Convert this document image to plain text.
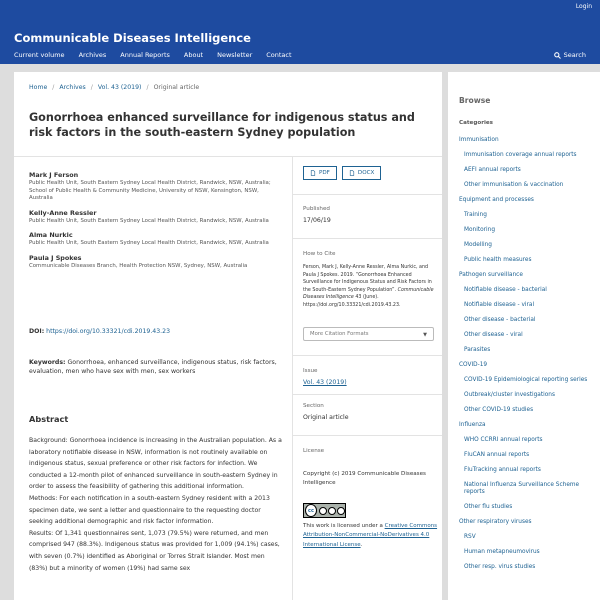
Login
Communicable Diseases Intelligence
Current volume Archives Annual Reports About Newsletter Contact	Search
Home / Archives / Vol. 43 (2019) / Original article
Gonorrhoea enhanced surveillance for indigenous status and risk factors in the south-eastern Sydney population
Mark J Ferson
Public Health Unit, South Eastern Sydney Local Health District, Randwick, NSW, Australia; School of Public Health & Community Medicine, University of NSW, Kensington, NSW, Australia
Kelly-Anne Ressler
Public Health Unit, South Eastern Sydney Local Health District, Randwick, NSW, Australia
Alma Nurkic
Public Health Unit, South Eastern Sydney Local Health District, Randwick, NSW, Australia
Paula J Spokes
Communicable Diseases Branch, Health Protection NSW, Sydney, NSW, Australia
DOI: https://doi.org/10.33321/cdi.2019.43.23
Keywords: Gonorrhoea, enhanced surveillance, indigenous status, risk factors, evaluation, men who have sex with men, sex workers
Abstract

Background: Gonorrhoea incidence is increasing in the Australian population. As a laboratory notifiable disease in NSW, information is not routinely available on indigenous status, sexual preference or other risk factors for infection. We conducted a 12-month pilot of enhanced surveillance in south-eastern Sydney in order to assess the feasibility of gathering this additional information.

Methods: For each notification in a south-eastern Sydney resident with a 2013 specimen date, we sent a letter and questionnaire to the requesting doctor seeking additional demographic and risk factor information.

Results: Of 1,341 questionnaires sent, 1,073 (79.5%) were returned, and men comprised 947 (88.3%). Indigenous status was provided for 1,009 (94.1%) cases, with seven (0.7%) identified as Aboriginal or Torres Strait Islander. Most men (83%) but a minority of women (19%) had same sex

PDF	DOCX
Published
17/06/19
How to Cite
Ferson, Mark J, Kelly-Anne Ressler, Alma Nurkic, and Paula J Spokes. 2019. “Gonorrhoea Enhanced Surveillance for Indigenous Status and Risk Factors in the South-Eastern Sydney Population”. Communicable Diseases Intelligence 43 (June). https://doi.org/10.33321/cdi.2019.43.23.
More Citation Formats	▼
Issue
Vol. 43 (2019)
Section
Original article
License
Copyright (c) 2019 Communicable Diseases Intelligence
cc
This work is licensed under a Creative Commons Attribution-NonCommercial-NoDerivatives 4.0 International License.
Browse
Categories
Immunisation
Immunisation coverage annual reports
AEFI annual reports
Other immunisation & vaccination
Equipment and processes
Training
Monitoring
Modelling
Public health measures
Pathogen surveillance
Notifiable disease - bacterial
Notifiable disease - viral
Other disease - bacterial
Other disease - viral
Parasites
COVID-19
COVID-19 Epidemiological reporting series
Outbreak/cluster investigations
Other COVID-19 studies
Influenza
WHO CCRRI annual reports
FluCAN annual reports
FluTracking annual reports
National Influenza Surveillance Scheme reports
Other flu studies
Other respiratory viruses
RSV
Human metapneumovirus
Other resp. virus studies
